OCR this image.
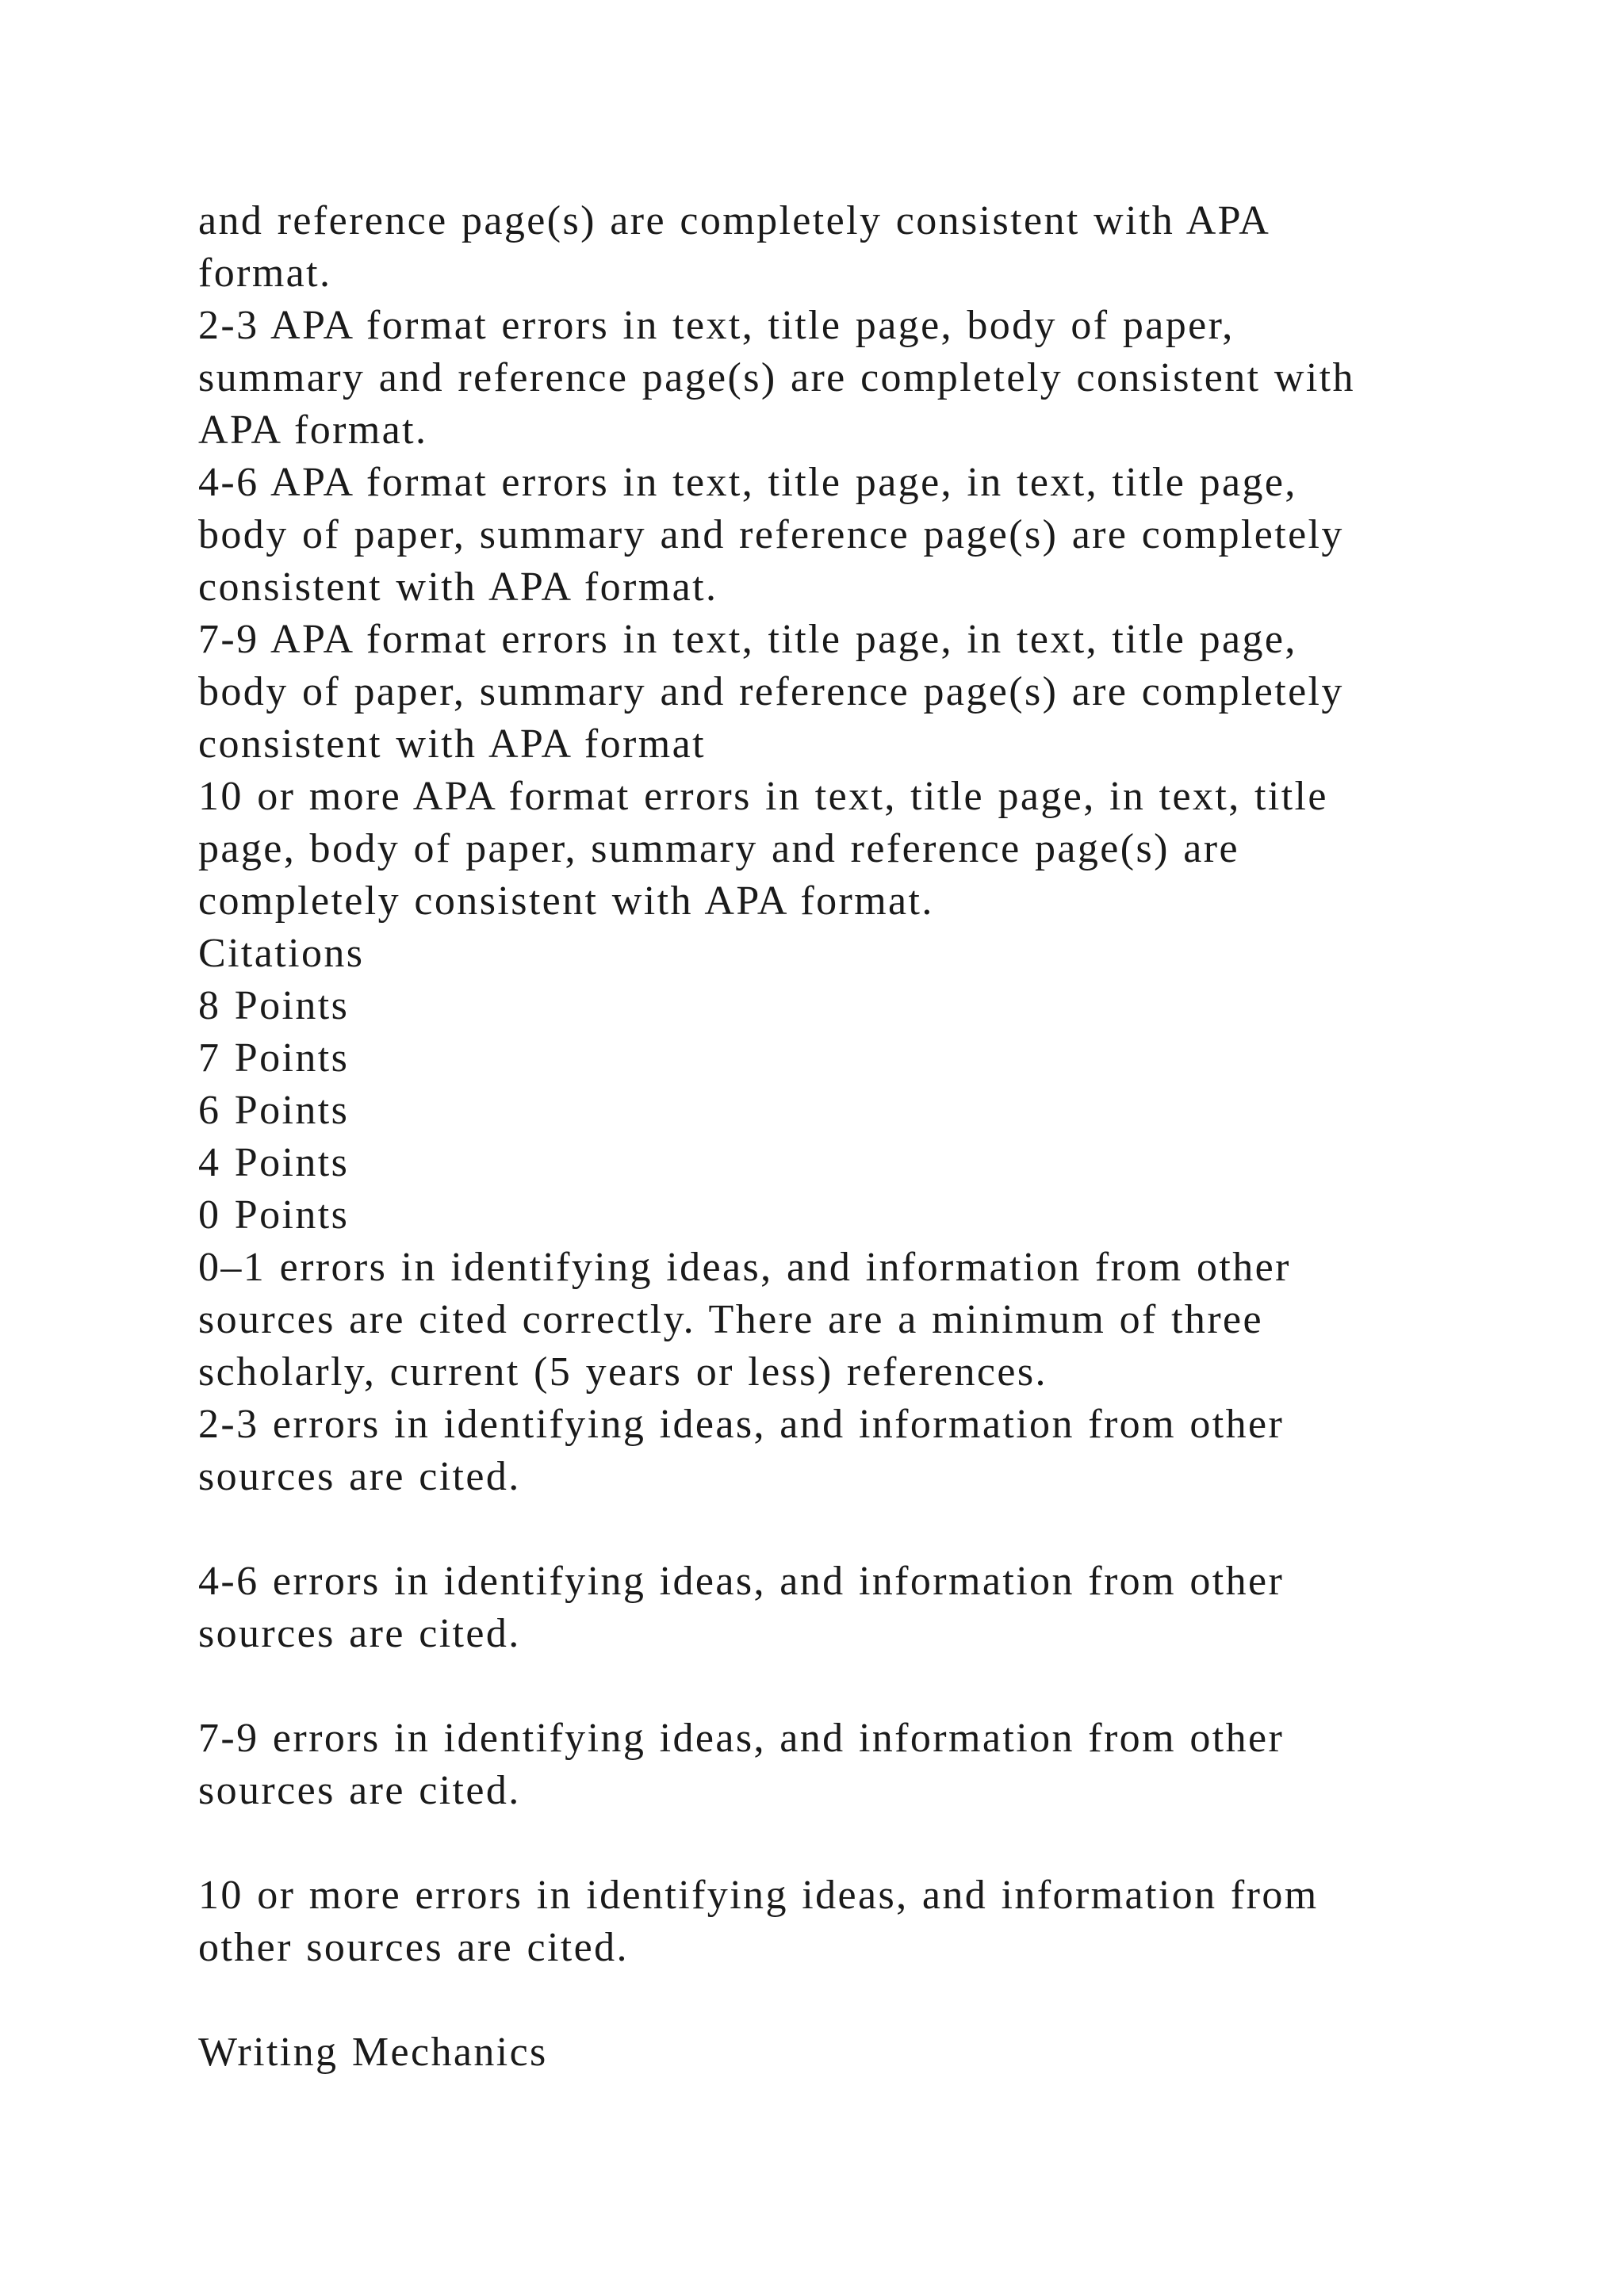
and reference page(s) are completely consistent with APA
format.

2-3 APA format errors in text, title page, body of paper,
summary and reference page(s) are completely consistent with
APA format.

4-6 APA format errors in text, title page, in text, title page,
body of paper, summary and reference page(s) are completely
consistent with APA format.

7-9 APA format errors in text, title page, in text, title page,
body of paper, summary and reference page(s) are completely
consistent with APA format

10 or more APA format errors in text, title page, in text, title
page, body of paper, summary and reference page(s) are
completely consistent with APA format.

Citations

8 Points

7 Points

6 Points

4 Points

0 Points

0–1 errors in identifying ideas, and information from other
sources are cited correctly. There are a minimum of three
scholarly, current (5 years or less) references.

2-3 errors in identifying ideas, and information from other
sources are cited.

4-6 errors in identifying ideas, and information from other
sources are cited.

7-9 errors in identifying ideas, and information from other
sources are cited.

10 or more errors in identifying ideas, and information from
other sources are cited.

Writing Mechanics
